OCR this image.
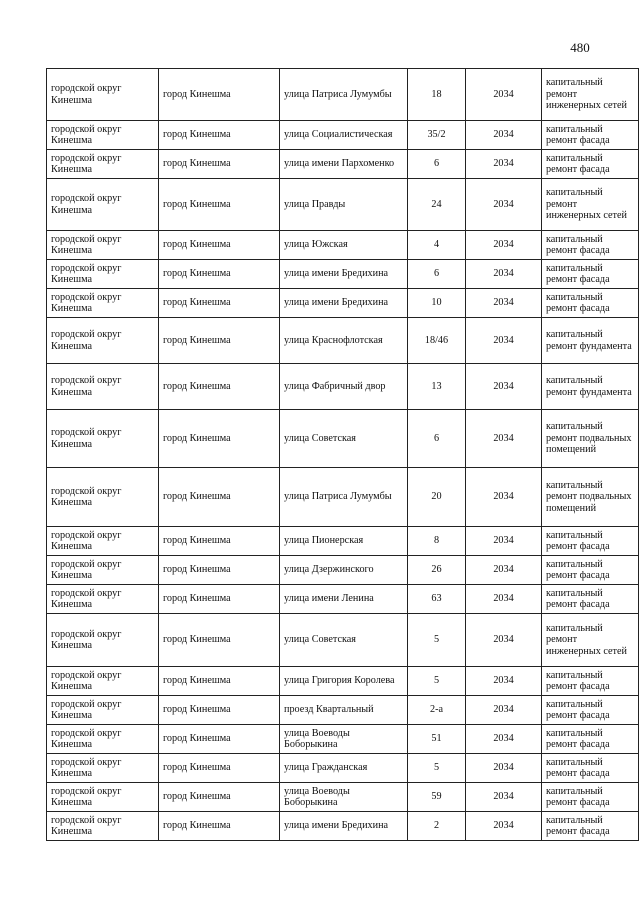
480
городской округ Кинешма	город Кинешма	улица Патриса Лумумбы	18	2034	капитальный ремонт инженерных сетей
городской округ Кинешма	город Кинешма	улица Социалистическая	35/2	2034	капитальный ремонт фасада
городской округ Кинешма	город Кинешма	улица имени Пархоменко	6	2034	капитальный ремонт фасада
городской округ Кинешма	город Кинешма	улица Правды	24	2034	капитальный ремонт инженерных сетей
городской округ Кинешма	город Кинешма	улица Южская	4	2034	капитальный ремонт фасада
городской округ Кинешма	город Кинешма	улица имени Бредихина	6	2034	капитальный ремонт фасада
городской округ Кинешма	город Кинешма	улица имени Бредихина	10	2034	капитальный ремонт фасада
городской округ Кинешма	город Кинешма	улица Краснофлотская	18/46	2034	капитальный ремонт фундамента
городской округ Кинешма	город Кинешма	улица Фабричный двор	13	2034	капитальный ремонт фундамента
городской округ Кинешма	город Кинешма	улица Советская	6	2034	капитальный ремонт подвальных помещений
городской округ Кинешма	город Кинешма	улица Патриса Лумумбы	20	2034	капитальный ремонт подвальных помещений
городской округ Кинешма	город Кинешма	улица Пионерская	8	2034	капитальный ремонт фасада
городской округ Кинешма	город Кинешма	улица Дзержинского	26	2034	капитальный ремонт фасада
городской округ Кинешма	город Кинешма	улица имени Ленина	63	2034	капитальный ремонт фасада
городской округ Кинешма	город Кинешма	улица Советская	5	2034	капитальный ремонт инженерных сетей
городской округ Кинешма	город Кинешма	улица Григория Королева	5	2034	капитальный ремонт фасада
городской округ Кинешма	город Кинешма	проезд Квартальный	2-а	2034	капитальный ремонт фасада
городской округ Кинешма	город Кинешма	улица Воеводы Боборыкина	51	2034	капитальный ремонт фасада
городской округ Кинешма	город Кинешма	улица Гражданская	5	2034	капитальный ремонт фасада
городской округ Кинешма	город Кинешма	улица Воеводы Боборыкина	59	2034	капитальный ремонт фасада
городской округ Кинешма	город Кинешма	улица имени Бредихина	2	2034	капитальный ремонт фасада
